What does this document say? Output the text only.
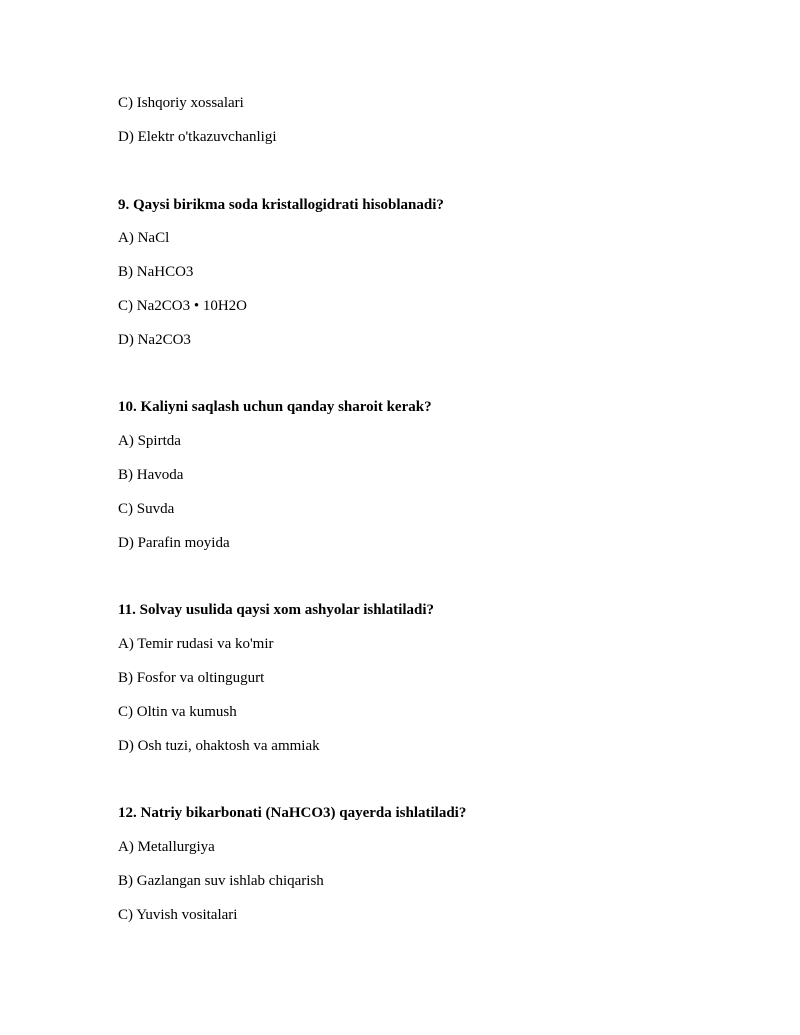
C) Ishqoriy xossalari
D) Elektr o'tkazuvchanligi
9. Qaysi birikma soda kristallogidrati hisoblanadi?
A) NaCl
B) NaHCO3
C) Na2CO3 • 10H2O
D) Na2CO3
10. Kaliyni saqlash uchun qanday sharoit kerak?
A) Spirtda
B) Havoda
C) Suvda
D) Parafin moyida
11. Solvay usulida qaysi xom ashyolar ishlatiladi?
A) Temir rudasi va ko'mir
B) Fosfor va oltingugurt
C) Oltin va kumush
D) Osh tuzi, ohaktosh va ammiak
12. Natriy bikarbonati (NaHCO3) qayerda ishlatiladi?
A) Metallurgiya
B) Gazlangan suv ishlab chiqarish
C) Yuvish vositalari
